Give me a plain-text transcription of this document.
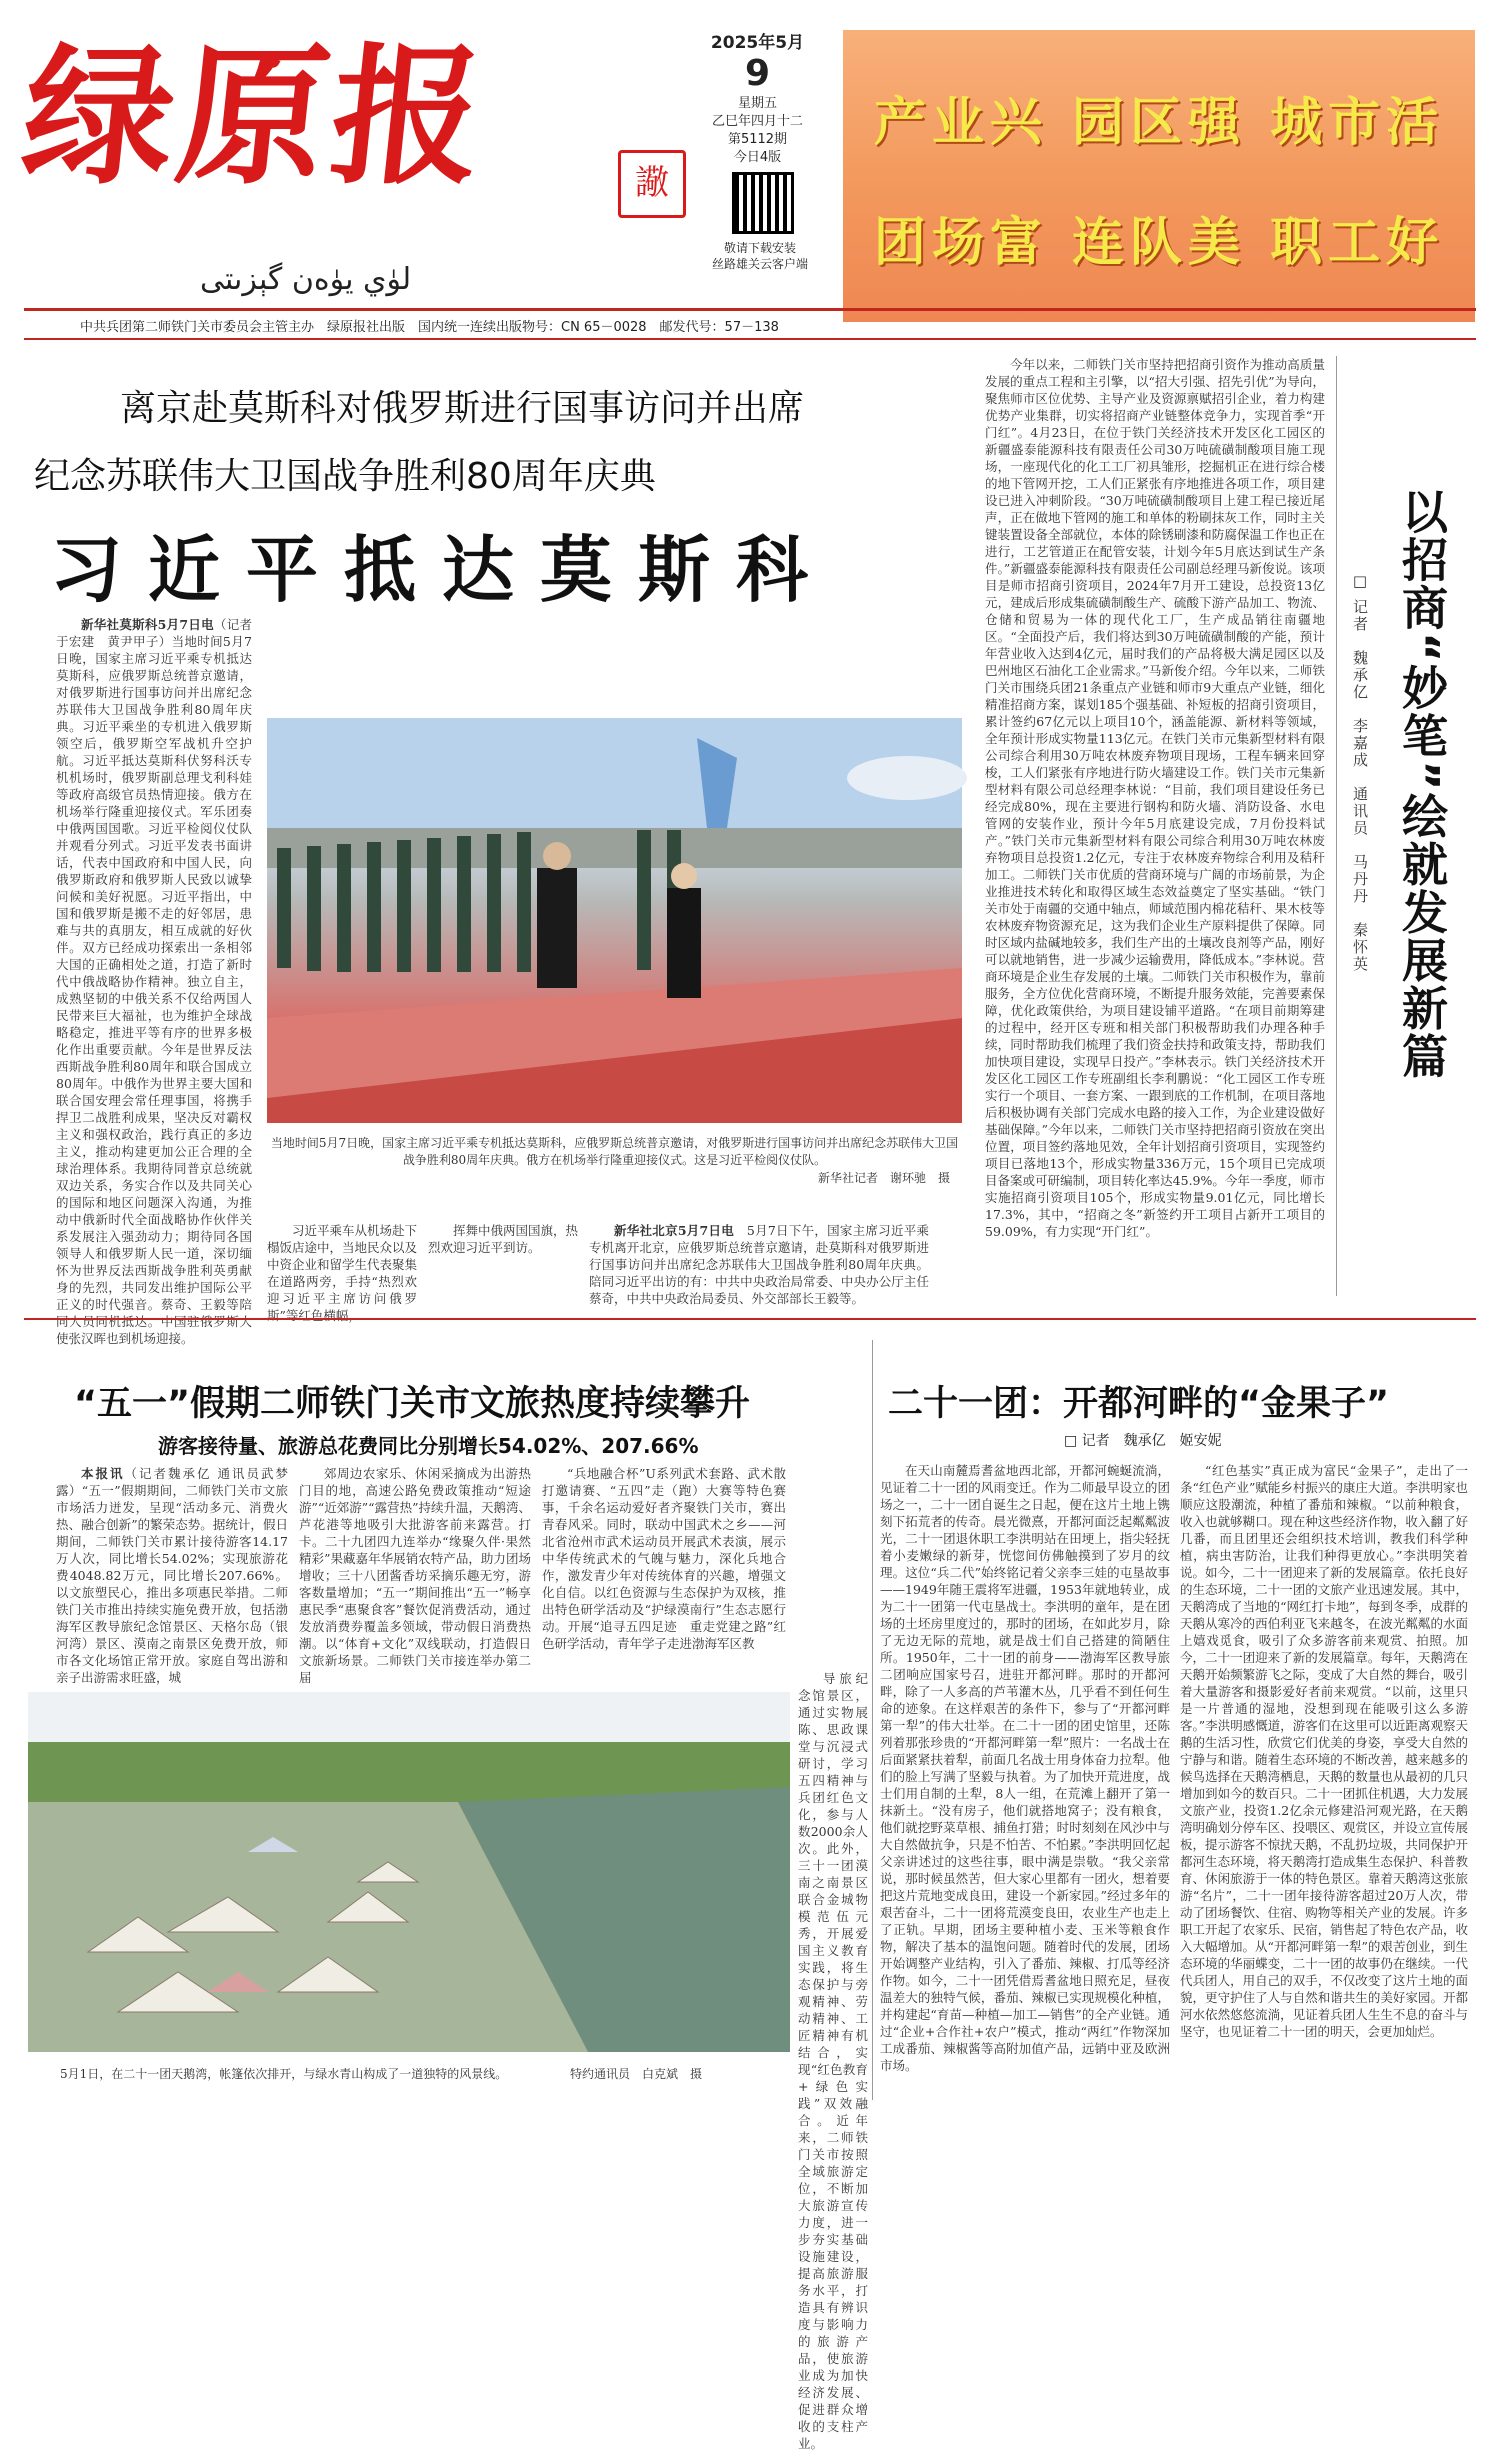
绿原报	䜘
لۈي يۈەن گېزىتى
2025年5月
9
星期五
乙巳年四月十二
第5112期
今日4版
敬请下载安装
丝路雄关云客户端
产业兴 园区强 城市活
团场富 连队美 职工好
中共兵团第二师铁门关市委员会主管主办　绿原报社出版　国内统一连续出版物号：CN 65－0028　邮发代号：57－138
离京赴莫斯科对俄罗斯进行国事访问并出席
纪念苏联伟大卫国战争胜利80周年庆典
习近平抵达莫斯科

新华社莫斯科5月7日电（记者于宏建　黄尹甲子）当地时间5月7日晚，国家主席习近平乘专机抵达莫斯科，应俄罗斯总统普京邀请，对俄罗斯进行国事访问并出席纪念苏联伟大卫国战争胜利80周年庆典。习近平乘坐的专机进入俄罗斯领空后，俄罗斯空军战机升空护航。习近平抵达莫斯科伏努科沃专机机场时，俄罗斯副总理戈利科娃等政府高级官员热情迎接。俄方在机场举行隆重迎接仪式。军乐团奏中俄两国国歌。习近平检阅仪仗队并观看分列式。习近平发表书面讲话，代表中国政府和中国人民，向俄罗斯政府和俄罗斯人民致以诚挚问候和美好祝愿。习近平指出，中国和俄罗斯是搬不走的好邻居，患难与共的真朋友，相互成就的好伙伴。双方已经成功探索出一条相邻大国的正确相处之道，打造了新时代中俄战略协作精神。独立自主，成熟坚韧的中俄关系不仅给两国人民带来巨大福祉，也为维护全球战略稳定，推进平等有序的世界多极化作出重要贡献。今年是世界反法西斯战争胜利80周年和联合国成立80周年。中俄作为世界主要大国和联合国安理会常任理事国，将携手捍卫二战胜利成果，坚决反对霸权主义和强权政治，践行真正的多边主义，推动构建更加公正合理的全球治理体系。我期待同普京总统就双边关系，务实合作以及共同关心的国际和地区问题深入沟通，为推动中俄新时代全面战略协作伙伴关系发展注入强劲动力；期待同各国领导人和俄罗斯人民一道，深切缅怀为世界反法西斯战争胜利英勇献身的先烈，共同发出维护国际公平正义的时代强音。蔡奇、王毅等陪同人员同机抵达。中国驻俄罗斯大使张汉晖也到机场迎接。

当地时间5月7日晚，国家主席习近平乘专机抵达莫斯科，应俄罗斯总统普京邀请，对俄罗斯进行国事访问并出席纪念苏联伟大卫国战争胜利80周年庆典。俄方在机场举行隆重迎接仪式。这是习近平检阅仪仗队。
新华社记者　谢环驰　摄

习近平乘车从机场赴下榻饭店途中，当地民众以及中资企业和留学生代表聚集在道路两旁，手持“热烈欢迎习近平主席访问俄罗斯”等红色横幅，

挥舞中俄两国国旗，热烈欢迎习近平到访。

新华社北京5月7日电　 5月7日下午，国家主席习近平乘专机离开北京，应俄罗斯总统普京邀请，赴莫斯科对俄罗斯进行国事访问并出席纪念苏联伟大卫国战争胜利80周年庆典。陪同习近平出访的有：中共中央政治局常委、中央办公厅主任蔡奇，中共中央政治局委员、外交部部长王毅等。

今年以来，二师铁门关市坚持把招商引资作为推动高质量发展的重点工程和主引擎，以“招大引强、招先引优”为导向，聚焦师市区位优势、主导产业及资源禀赋招引企业，着力构建优势产业集群，切实将招商产业链整体竞争力，实现首季“开门红”。4月23日，在位于铁门关经济技术开发区化工园区的新疆盛泰能源科技有限责任公司30万吨硫磺制酸项目施工现场，一座现代化的化工工厂初具雏形，挖掘机正在进行综合楼的地下管网开挖，工人们正紧张有序地推进各项工作，项目建设已进入冲刺阶段。“30万吨硫磺制酸项目上建工程已接近尾声，正在做地下管网的施工和单体的粉刷抹灰工作，同时主关键装置设备全部就位，本体的除锈刷漆和防腐保温工作也正在进行，工艺管道正在配管安装，计划今年5月底达到试生产条件。”新疆盛泰能源科技有限责任公司副总经理马新俊说。该项目是师市招商引资项目，2024年7月开工建设，总投资13亿元，建成后形成集硫磺制酸生产、硫酸下游产品加工、物流、仓储和贸易为一体的现代化工厂，生产成品销往南疆地区。“全面投产后，我们将达到30万吨硫磺制酸的产能，预计年营业收入达到4亿元，届时我们的产品将极大满足园区以及巴州地区石油化工企业需求。”马新俊介绍。今年以来，二师铁门关市围绕兵团21条重点产业链和师市9大重点产业链，细化精准招商方案，谋划185个强基础、补短板的招商引资项目，累计签约67亿元以上项目10个，涵盖能源、新材料等领域，全年预计形成实物量113亿元。在铁门关市元集新型材料有限公司综合利用30万吨农林废弃物项目现场，工程车辆来回穿梭，工人们紧张有序地进行防火墙建设工作。铁门关市元集新型材料有限公司总经理李林说：“目前，我们项目建设任务已经完成80%，现在主要进行钢构和防火墙、消防设备、水电管网的安装作业，预计今年5月底建设完成，7月份投料试产。”铁门关市元集新型材料有限公司综合利用30万吨农林废弃物项目总投资1.2亿元，专注于农林废弃物综合利用及秸秆加工。二师铁门关市优质的营商环境与广阔的市场前景，为企业推进技术转化和取得区域生态效益奠定了坚实基础。“铁门关市处于南疆的交通中轴点，师域范围内棉花秸秆、果木枝等农林废弃物资源充足，这为我们企业生产原料提供了保障。同时区域内盐碱地较多，我们生产出的土壤改良剂等产品，刚好可以就地销售，进一步减少运输费用，降低成本。”李林说。营商环境是企业生存发展的土壤。二师铁门关市积极作为，靠前服务，全方位优化营商环境，不断提升服务效能，完善要素保障，优化政策供给，为项目建设铺平道路。“在项目前期筹建的过程中，经开区专班和相关部门积极帮助我们办理各种手续，同时帮助我们梳理了我们资金扶持和政策支持，帮助我们加快项目建设，实现早日投产。”李林表示。铁门关经济技术开发区化工园区工作专班副组长李利鹏说：“化工园区工作专班实行一个项目、一套方案、一跟到底的工作机制，在项目落地后积极协调有关部门完成水电路的接入工作，为企业建设做好基础保障。”今年以来，二师铁门关市坚持把招商引资放在突出位置，项目签约落地见效，全年计划招商引资项目，实现签约项目已落地13个，形成实物量336万元，15个项目已完成项目备案或可研编制，项目转化率达45.9%。今年一季度，师市实施招商引资项目105个，形成实物量9.01亿元，同比增长17.3%，其中，“招商之冬”新签约开工项目占新开工项目的59.09%，有力实现“开门红”。

□ 记者　魏承亿　李嘉成　通讯员　马丹丹　秦怀英 以招商“妙笔”绘就发展新篇
“五一”假期二师铁门关市文旅热度持续攀升
游客接待量、旅游总花费同比分别增长54.02%、207.66%

本报讯（记者魏承亿 通讯员武梦露）“五一”假期期间，二师铁门关市文旅市场活力迸发，呈现“活动多元、消费火热、融合创新”的繁荣态势。据统计，假日期间，二师铁门关市累计接待游客14.17万人次，同比增长54.02%；实现旅游花费4048.82万元，同比增长207.66%。以文旅塑民心，推出多项惠民举措。二师铁门关市推出持续实施免费开放，包括渤海军区教导旅纪念馆景区、天格尔岛（银河湾）景区、漠南之南景区免费开放，师市各文化场馆正常开放。家庭自驾出游和亲子出游需求旺盛，城

郊周边农家乐、休闲采摘成为出游热门目的地，高速公路免费政策推动“短途游”“近郊游”“露营热”持续升温，天鹅湾、芦花港等地吸引大批游客前来露营。打卡。二十九团四九连举办“缘聚久伴·果然精彩”果藏嘉年华展销农特产品，助力团场增收；三十八团酱香坊采摘乐趣无穷，游客数量增加；“五一”期间推出“五一”畅享惠民季“惠聚食客”餐饮促消费活动，通过发放消费券覆盖多领域，带动假日消费热潮。以“体育+文化”双线联动，打造假日文旅新场景。二师铁门关市接连举办第二届

“兵地融合杯”U系列武术套路、武术散打邀请赛、“五四”走（跑）大赛等特色赛事，千余名运动爱好者齐聚铁门关市，赛出青春风采。同时，联动中国武术之乡——河北省沧州市武术运动员开展武术表演，展示中华传统武术的气魄与魅力，深化兵地合作，激发青少年对传统体育的兴趣，增强文化自信。以红色资源与生态保护为双核，推出特色研学活动及“护绿漠南行”生态志愿行动。开展“追寻五四足迹　重走党建之路”红色研学活动，青年学子走进渤海军区教

导旅纪念馆景区，通过实物展陈、思政课堂与沉浸式研讨，学习五四精神与兵团红色文化，参与人数2000余人次。此外，三十一团漠南之南景区联合金城物模范伍元秀，开展爱国主义教育实践，将生态保护与旁观精神、劳动精神、工匠精神有机结合，实现“红色教育+绿色实践”双效融合。近年来，二师铁门关市按照全域旅游定位，不断加大旅游宣传力度，进一步夯实基础设施建设，提高旅游服务水平，打造具有辨识度与影响力的旅游产品，使旅游业成为加快经济发展、促进群众增收的支柱产业。

5月1日，在二十一团天鹅湾，帐篷依次排开，与绿水青山构成了一道独特的风景线。	特约通讯员　白克斌　摄
二十一团：开都河畔的“金果子”
□ 记者　魏承亿　姬安妮

在天山南麓焉耆盆地西北部，开都河蜿蜒流淌，见证着二十一团的风雨变迁。作为二师最早设立的团场之一，二十一团自诞生之日起，便在这片土地上镌刻下拓荒者的传奇。晨光微熹，开都河面泛起粼粼波光，二十一团退休职工李洪明站在田埂上，指尖轻抚着小麦嫩绿的新芽，恍惚间仿佛触摸到了岁月的纹理。这位“兵二代”始终铭记着父亲李三娃的屯垦故事——1949年随王震将军进疆，1953年就地转业，成为二十一团第一代屯垦战士。李洪明的童年，是在团场的土坯房里度过的，那时的团场，在如此岁月，除了无边无际的荒地，就是战士们自己搭建的简陋住所。1950年，二十一团的前身——渤海军区教导旅二团响应国家号召，进驻开都河畔。那时的开都河畔，除了一人多高的芦苇灌木丛，几乎看不到任何生命的迹象。在这样艰苦的条件下，参与了“开都河畔第一犁”的伟大壮举。在二十一团的团史馆里，还陈列着那张珍贵的“开都河畔第一犁”照片：一名战士在后面紧紧扶着犁，前面几名战士用身体奋力拉犁。他们的脸上写满了坚毅与执着。为了加快开荒进度，战士们用自制的土犁，8人一组，在荒滩上翻开了第一抹新土。“没有房子，他们就搭地窝子；没有粮食，他们就挖野菜草根、捕鱼打猎；时时刻刻在风沙中与大自然做抗争，只是不怕苦、不怕累。”李洪明回忆起父亲讲述过的这些往事，眼中满是崇敬。“我父亲常说，那时候虽然苦，但大家心里都有一团火，想着要把这片荒地变成良田，建设一个新家园。”经过多年的艰苦奋斗，二十一团将荒漠变良田，农业生产也走上了正轨。早期，团场主要种植小麦、玉米等粮食作物，解决了基本的温饱问题。随着时代的发展，团场开始调整产业结构，引入了番茄、辣椒、打瓜等经济作物。如今，二十一团凭借焉耆盆地日照充足，昼夜温差大的独特气候，番茄、辣椒已实现规模化种植，并构建起“育苗—种植—加工—销售”的全产业链。通过“企业+合作社+农户”模式，推动“两红”作物深加工成番茄、辣椒酱等高附加值产品，远销中亚及欧洲市场。

“红色基实”真正成为富民“金果子”，走出了一条“红色产业”赋能乡村振兴的康庄大道。李洪明家也顺应这股潮流，种植了番茄和辣椒。“以前种粮食，收入也就够糊口。现在种这些经济作物，收入翻了好几番，而且团里还会组织技术培训，教我们科学种植，病虫害防治，让我们种得更放心。”李洪明笑着说。如今，二十一团迎来了新的发展篇章。依托良好的生态环境，二十一团的文旅产业迅速发展。其中，天鹅湾成了当地的“网红打卡地”，每到冬季，成群的天鹅从寒冷的西伯利亚飞来越冬，在波光粼粼的水面上嬉戏觅食，吸引了众多游客前来观赏、拍照。加今，二十一团迎来了新的发展篇章。每年，天鹅湾在天鹅开始频繁游飞之际，变成了大自然的舞台，吸引着大量游客和摄影爱好者前来观赏。“以前，这里只是一片普通的湿地，没想到现在能吸引这么多游客。”李洪明感慨道，游客们在这里可以近距离观察天鹅的生活习性，欣赏它们优美的身姿，享受大自然的宁静与和谐。随着生态环境的不断改善，越来越多的候鸟选择在天鹅湾栖息，天鹅的数量也从最初的几只增加到如今的数百只。二十一团抓住机遇，大力发展文旅产业，投资1.2亿余元修建沿河观光路，在天鹅湾明确划分停车区、投喂区、观赏区，并设立宣传展板，提示游客不惊扰天鹅，不乱扔垃圾，共同保护开都河生态环境，将天鹅湾打造成集生态保护、科普教育、休闲旅游于一体的特色景区。靠着天鹅湾这张旅游“名片”，二十一团年接待游客超过20万人次，带动了团场餐饮、住宿、购物等相关产业的发展。许多职工开起了农家乐、民宿，销售起了特色农产品，收入大幅增加。从“开都河畔第一犁”的艰苦创业，到生态环境的华丽蝶变，二十一团的故事仍在继续。一代代兵团人，用自己的双手，不仅改变了这片土地的面貌，更守护住了人与自然和谐共生的美好家园。开都河水依然悠悠流淌，见证着兵团人生生不息的奋斗与坚守，也见证着二十一团的明天，会更加灿烂。
